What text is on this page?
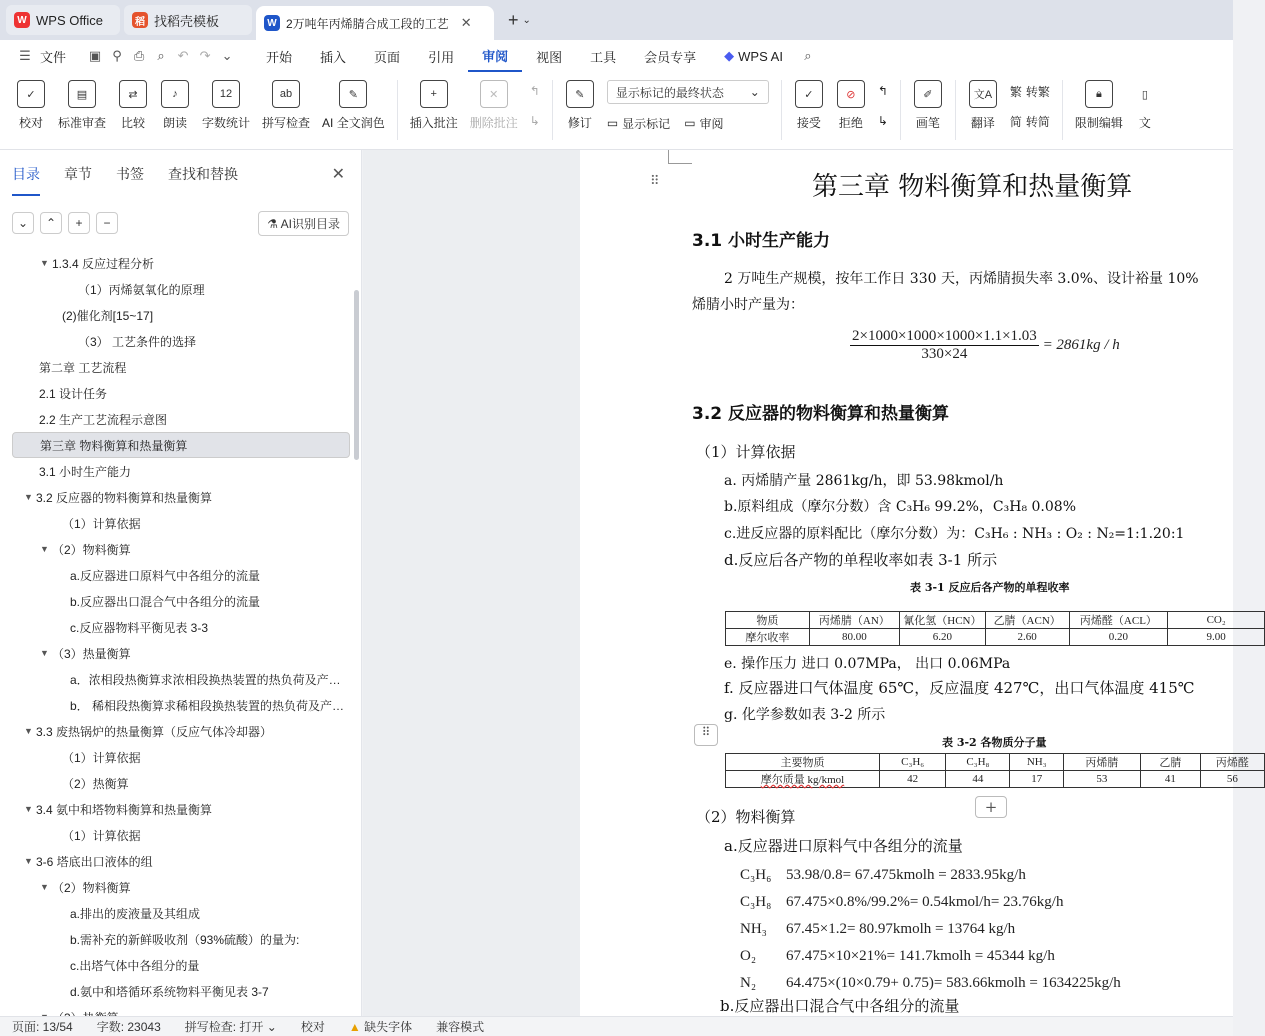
W WPS Office	稻 找稻壳模板	W 2万吨年丙烯腈合成工段的工艺 ✕ + ⌄
☰ 文件	▣ ⚲ ⎙	⌕ ↶ ↷ ⌄	开始	插入	页面	引用	审阅	视图	工具	会员专享	◆ WPS AI	⌕
✓
校对
▤
标准审查
⇄
比较
♪
朗读
12
字数统计
ab
拼写检查
✎
AI 全文润色
+
插入批注
✕
删除批注
↰
↳
✎
修订
显示标记的最终状态 ⌄
▭ 显示标记 ▭ 审阅
✓
接受
⊘
拒绝
↰
↳
✐
画笔
文A
翻译
繁 转繁
简 转简
🔒︎
限制编辑
▯
文
目录 章节 书签 查找和替换	✕
⌄	⌃	+	−	⚗ AI识别目录
▼ 1.3.4 反应过程分析
（1）丙烯氨氧化的原理
(2)催化剂[15~17]
（3） 工艺条件的选择
第二章 工艺流程
2.1 设计任务
2.2 生产工艺流程示意图
第三章 物料衡算和热量衡算
3.1 小时生产能力
▼ 3.2 反应器的物料衡算和热量衡算
（1）计算依据
▼ （2）物料衡算
a.反应器进口原料气中各组分的流量
b.反应器出口混合气中各组分的流量
c.反应器物料平衡见表 3-3
▼ （3）热量衡算
a．浓相段热衡算求浓相段换热装置的热负荷及产…
b． 稀相段热衡算求稀相段换热装置的热负荷及产…
▼ 3.3 废热锅炉的热量衡算（反应气体冷却器）
（1）计算依据
（2）热衡算
▼ 3.4 氨中和塔物料衡算和热量衡算
（1）计算依据
▼ 3-6 塔底出口液体的组
▼ （2）物料衡算
a.排出的废液量及其组成
b.需补充的新鲜吸收剂（93%硫酸）的量为:
c.出塔气体中各组分的量
d.氨中和塔循环系统物料平衡见表 3-7
⠿	第三章 物料衡算和热量衡算
3.1 小时生产能力
2 万吨生产规模，按年工作日 330 天，丙烯腈损失率 3.0%、设计裕量 10%
烯腈小时产量为：
$\frac{2\times 1000\times 1000\times 1000\times 1.1\times 1.03}{330\times 24} = 2861kg / h$
3.2 反应器的物料衡算和热量衡算
（1）计算依据
a. 丙烯腈产量 2861kg/h，即 53.98kmol/h
b.原料组成（摩尔分数）含 C₃H₆ 99.2%，C₃H₈ 0.08%
c.进反应器的原料配比（摩尔分数）为：C₃H₆ : NH₃ : O₂ : N₂=1:1.20:1
d.反应后各产物的单程收率如表 3-1 所示
表 3-1 反应后各产物的单程收率
物质	丙烯腈（AN）	氰化氢（HCN）	乙腈（ACN）	丙烯醛（ACL）	CO₂
摩尔收率	80.00	6.20	2.60	0.20	9.00
e. 操作压力 进口 0.07MPa， 出口 0.06MPa
f. 反应器进口气体温度 65℃，反应温度 427℃，出口气体温度 415℃
g. 化学参数如表 3-2 所示
⠿
表 3-2 各物质分子量
主要物质	C₃H₆	C₃H₈	NH₃	丙烯腈	乙腈	丙烯醛
摩尔质量 kg/kmol	42	44	17	53	41	56
+
（2）物料衡算
a.反应器进口原料气中各组分的流量
C₃H₆ 53.98/0.8= 67.475kmolh = 2833.95kg/h
C₃H₈ 67.475×0.8%/99.2%= 0.54kmol/h= 23.76kg/h
NH₃ 67.45×1.2= 80.97kmolh = 13764 kg/h
O₂ 67.475×10×21%= 141.7kmolh = 45344 kg/h
N₂ 64.475×(10×0.79+ 0.75)= 583.66kmolh = 1634225kg/h
b.反应器出口混合气中各组分的流量
页面: 13/54	字数: 23043	拼写检查: 打开 ⌄	校对	▲ 缺失字体	兼容模式
